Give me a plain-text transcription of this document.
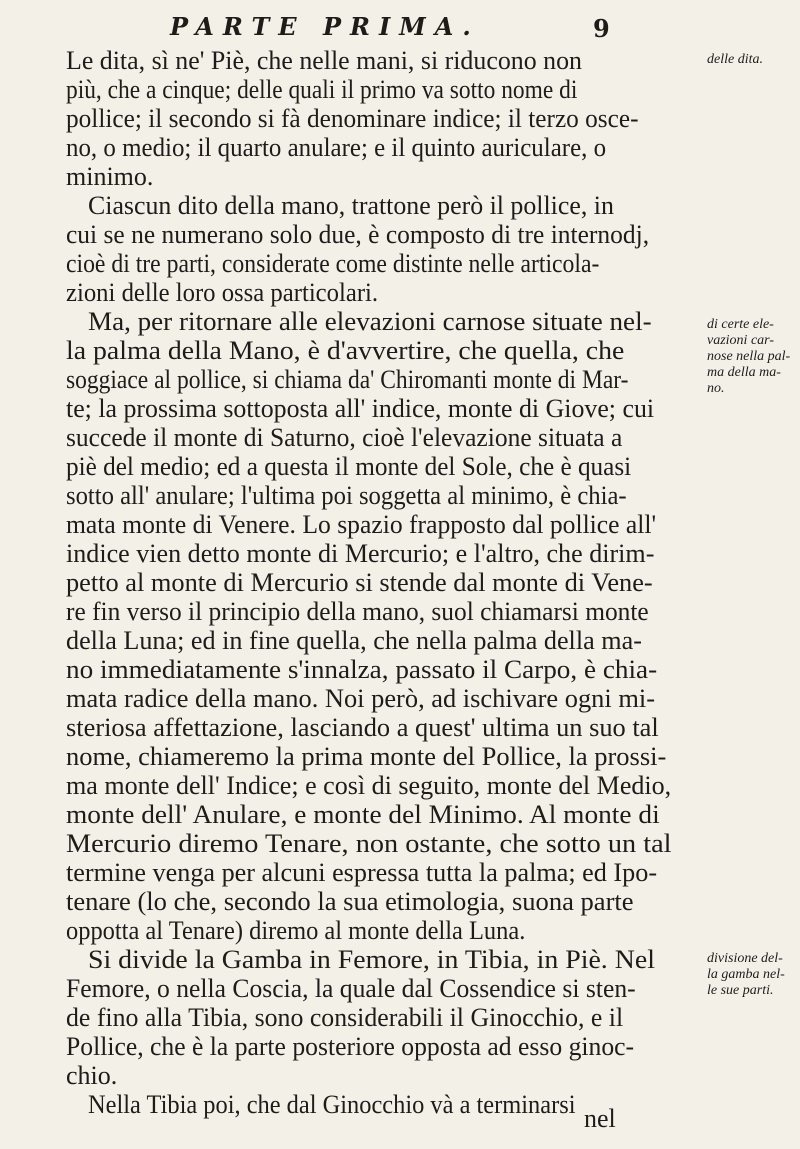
PARTE PRIMA.	9
Le dita, sì ne' Piè, che nelle mani, si riducono non
più, che a cinque; delle quali il primo va sotto nome di
pollice; il secondo si fà denominare indice; il terzo osce-
no, o medio; il quarto anulare; e il quinto auriculare, o
minimo.
Ciascun dito della mano, trattone però il pollice, in
cui se ne numerano solo due, è composto di tre internodj,
cioè di tre parti, considerate come distinte nelle articola-
zioni delle loro ossa particolari.
Ma, per ritornare alle elevazioni carnose situate nel-
la palma della Mano, è d'avvertire, che quella, che
soggiace al pollice, si chiama da' Chiromanti monte di Mar-
te; la prossima sottoposta all' indice, monte di Giove; cui
succede il monte di Saturno, cioè l'elevazione situata a
piè del medio; ed a questa il monte del Sole, che è quasi
sotto all' anulare; l'ultima poi soggetta al minimo, è chia-
mata monte di Venere. Lo spazio frapposto dal pollice all'
indice vien detto monte di Mercurio; e l'altro, che dirim-
petto al monte di Mercurio si stende dal monte di Vene-
re fin verso il principio della mano, suol chiamarsi monte
della Luna; ed in fine quella, che nella palma della ma-
no immediatamente s'innalza, passato il Carpo, è chia-
mata radice della mano. Noi però, ad ischivare ogni mi-
steriosa affettazione, lasciando a quest' ultima un suo tal
nome, chiameremo la prima monte del Pollice, la prossi-
ma monte dell' Indice; e così di seguito, monte del Medio,
monte dell' Anulare, e monte del Minimo. Al monte di
Mercurio diremo Tenare, non ostante, che sotto un tal
termine venga per alcuni espressa tutta la palma; ed Ipo-
tenare (lo che, secondo la sua etimologia, suona parte
oppotta al Tenare) diremo al monte della Luna.
Si divide la Gamba in Femore, in Tibia, in Piè. Nel
Femore, o nella Coscia, la quale dal Cossendice si sten-
de fino alla Tibia, sono considerabili il Ginocchio, e il
Pollice, che è la parte posteriore opposta ad esso ginoc-
chio.
Nella Tibia poi, che dal Ginocchio và a terminarsi nel
delle dita.
di certe ele-
vazioni car-
nose nella pal-
ma della ma-
no.
divisione del-
la gamba nel-
le sue parti.
